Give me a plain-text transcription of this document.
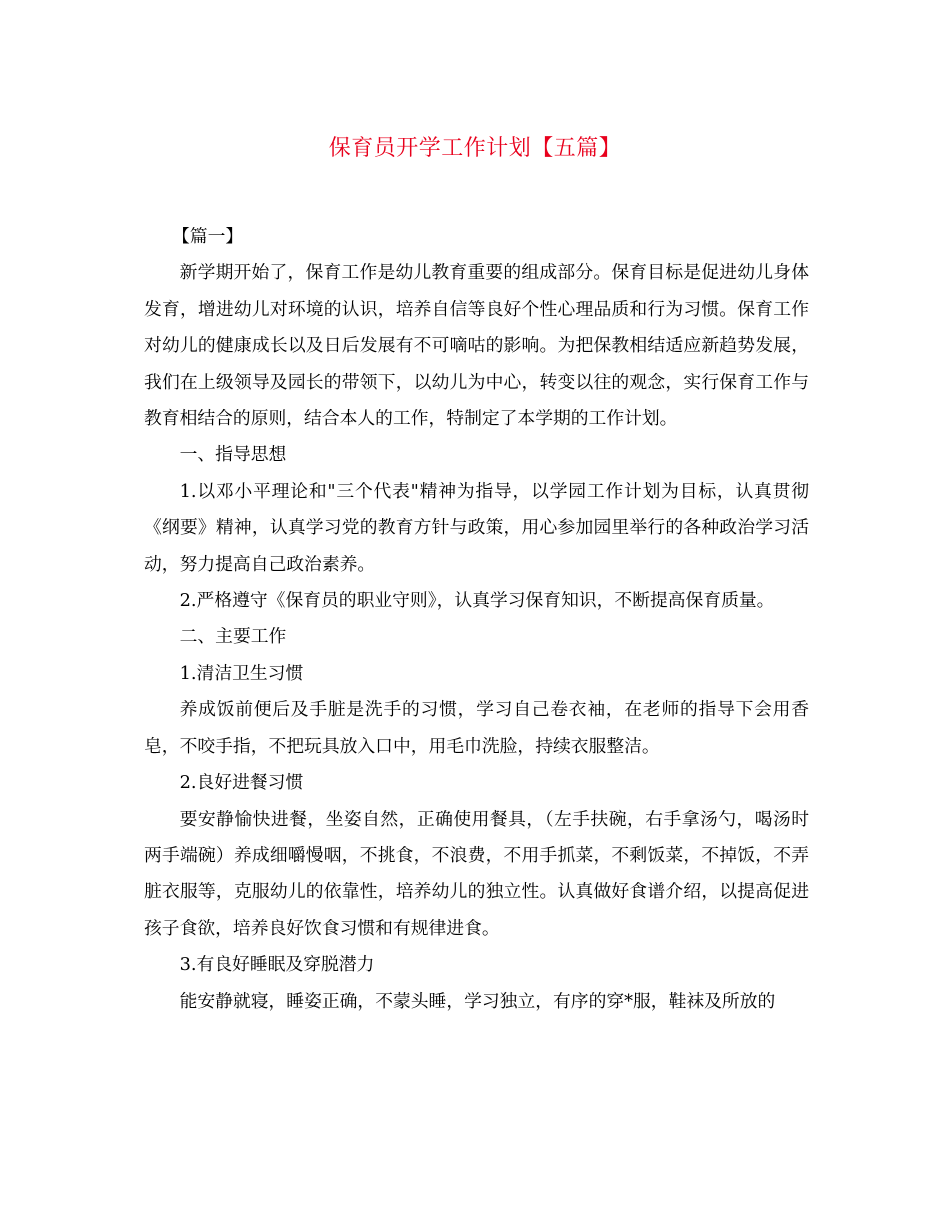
保育员开学工作计划【五篇】

【篇一】

新学期开始了，保育工作是幼儿教育重要的组成部分。保育目标是促进幼儿身体发育，增进幼儿对环境的认识，培养自信等良好个性心理品质和行为习惯。保育工作对幼儿的健康成长以及日后发展有不可嘀咕的影响。为把保教相结适应新趋势发展，我们在上级领导及园长的带领下，以幼儿为中心，转变以往的观念，实行保育工作与教育相结合的原则，结合本人的工作，特制定了本学期的工作计划。

一、指导思想

1.以邓小平理论和"三个代表"精神为指导，以学园工作计划为目标，认真贯彻《纲要》精神，认真学习党的教育方针与政策，用心参加园里举行的各种政治学习活动，努力提高自己政治素养。

2.严格遵守《保育员的职业守则》，认真学习保育知识，不断提高保育质量。

二、主要工作

1.清洁卫生习惯

养成饭前便后及手脏是洗手的习惯，学习自己卷衣袖，在老师的指导下会用香皂，不咬手指，不把玩具放入口中，用毛巾洗脸，持续衣服整洁。

2.良好进餐习惯

要安静愉快进餐，坐姿自然，正确使用餐具，（左手扶碗，右手拿汤勺，喝汤时两手端碗）养成细嚼慢咽，不挑食，不浪费，不用手抓菜，不剩饭菜，不掉饭，不弄脏衣服等，克服幼儿的依靠性，培养幼儿的独立性。认真做好食谱介绍，以提高促进孩子食欲，培养良好饮食习惯和有规律进食。

3.有良好睡眠及穿脱潜力

能安静就寝，睡姿正确，不蒙头睡，学习独立，有序的穿*服，鞋袜及所放的
